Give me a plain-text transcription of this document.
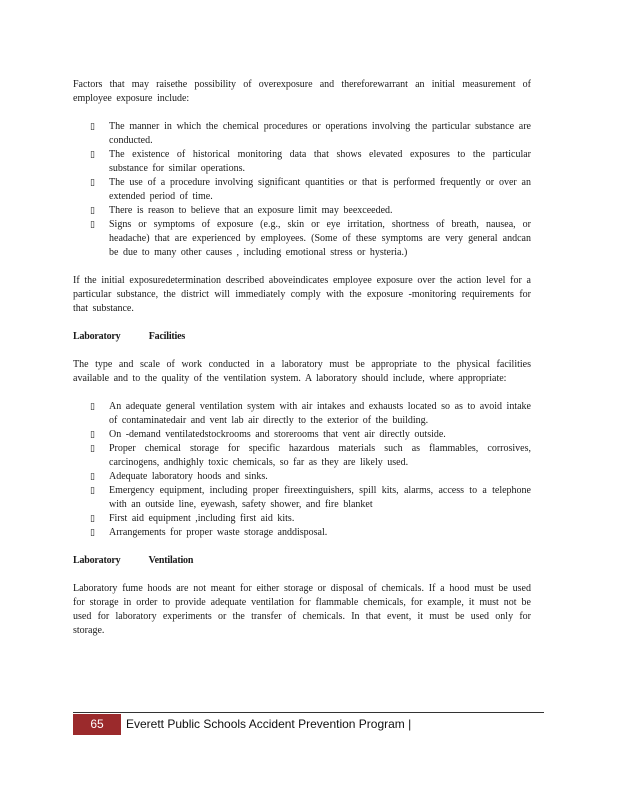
Factors that may raisethe possibility of overexposure and thereforewarrant an initial measurement of employee exposure include:

▯ The manner in which the chemical procedures or operations involving the particular substance are conducted.
▯ The existence of historical monitoring data that shows elevated exposures to the particular substance for similar operations.
▯ The use of a procedure involving significant quantities or that is performed frequently or over an extended period of time.
▯ There is reason to believe that an exposure limit may beexceeded.
▯ Signs or symptoms of exposure (e.g., skin or eye irritation, shortness of breath, nausea, or headache) that are experienced by employees. (Some of these symptoms are very general andcan be due to many other causes , including emotional stress or hysteria.)

If the initial exposuredetermination described aboveindicates employee exposure over the action level for a particular substance, the district will immediately comply with the exposure -monitoring requirements for that substance.

Laboratory Facilities

The type and scale of work conducted in a laboratory must be appropriate to the physical facilities available and to the quality of the ventilation system. A laboratory should include, where appropriate:

▯ An adequate general ventilation system with air intakes and exhausts located so as to avoid intake of contaminatedair and vent lab air directly to the exterior of the building.
▯ On -demand ventilatedstockrooms and storerooms that vent air directly outside.
▯ Proper chemical storage for specific hazardous materials such as flammables, corrosives, carcinogens, andhighly toxic chemicals, so far as they are likely used.
▯ Adequate laboratory hoods and sinks.
▯ Emergency equipment, including proper fireextinguishers, spill kits, alarms, access to a telephone with an outside line, eyewash, safety shower, and fire blanket
▯ First aid equipment ,including first aid kits.
▯ Arrangements for proper waste storage anddisposal.
Laboratory Ventilation

Laboratory fume hoods are not meant for either storage or disposal of chemicals. If a hood must be used for storage in order to provide adequate ventilation for flammable chemicals, for example, it must not be used for laboratory experiments or the transfer of chemicals. In that event, it must be used only for storage.

65	Everett Public Schools Accident Prevention Program |
